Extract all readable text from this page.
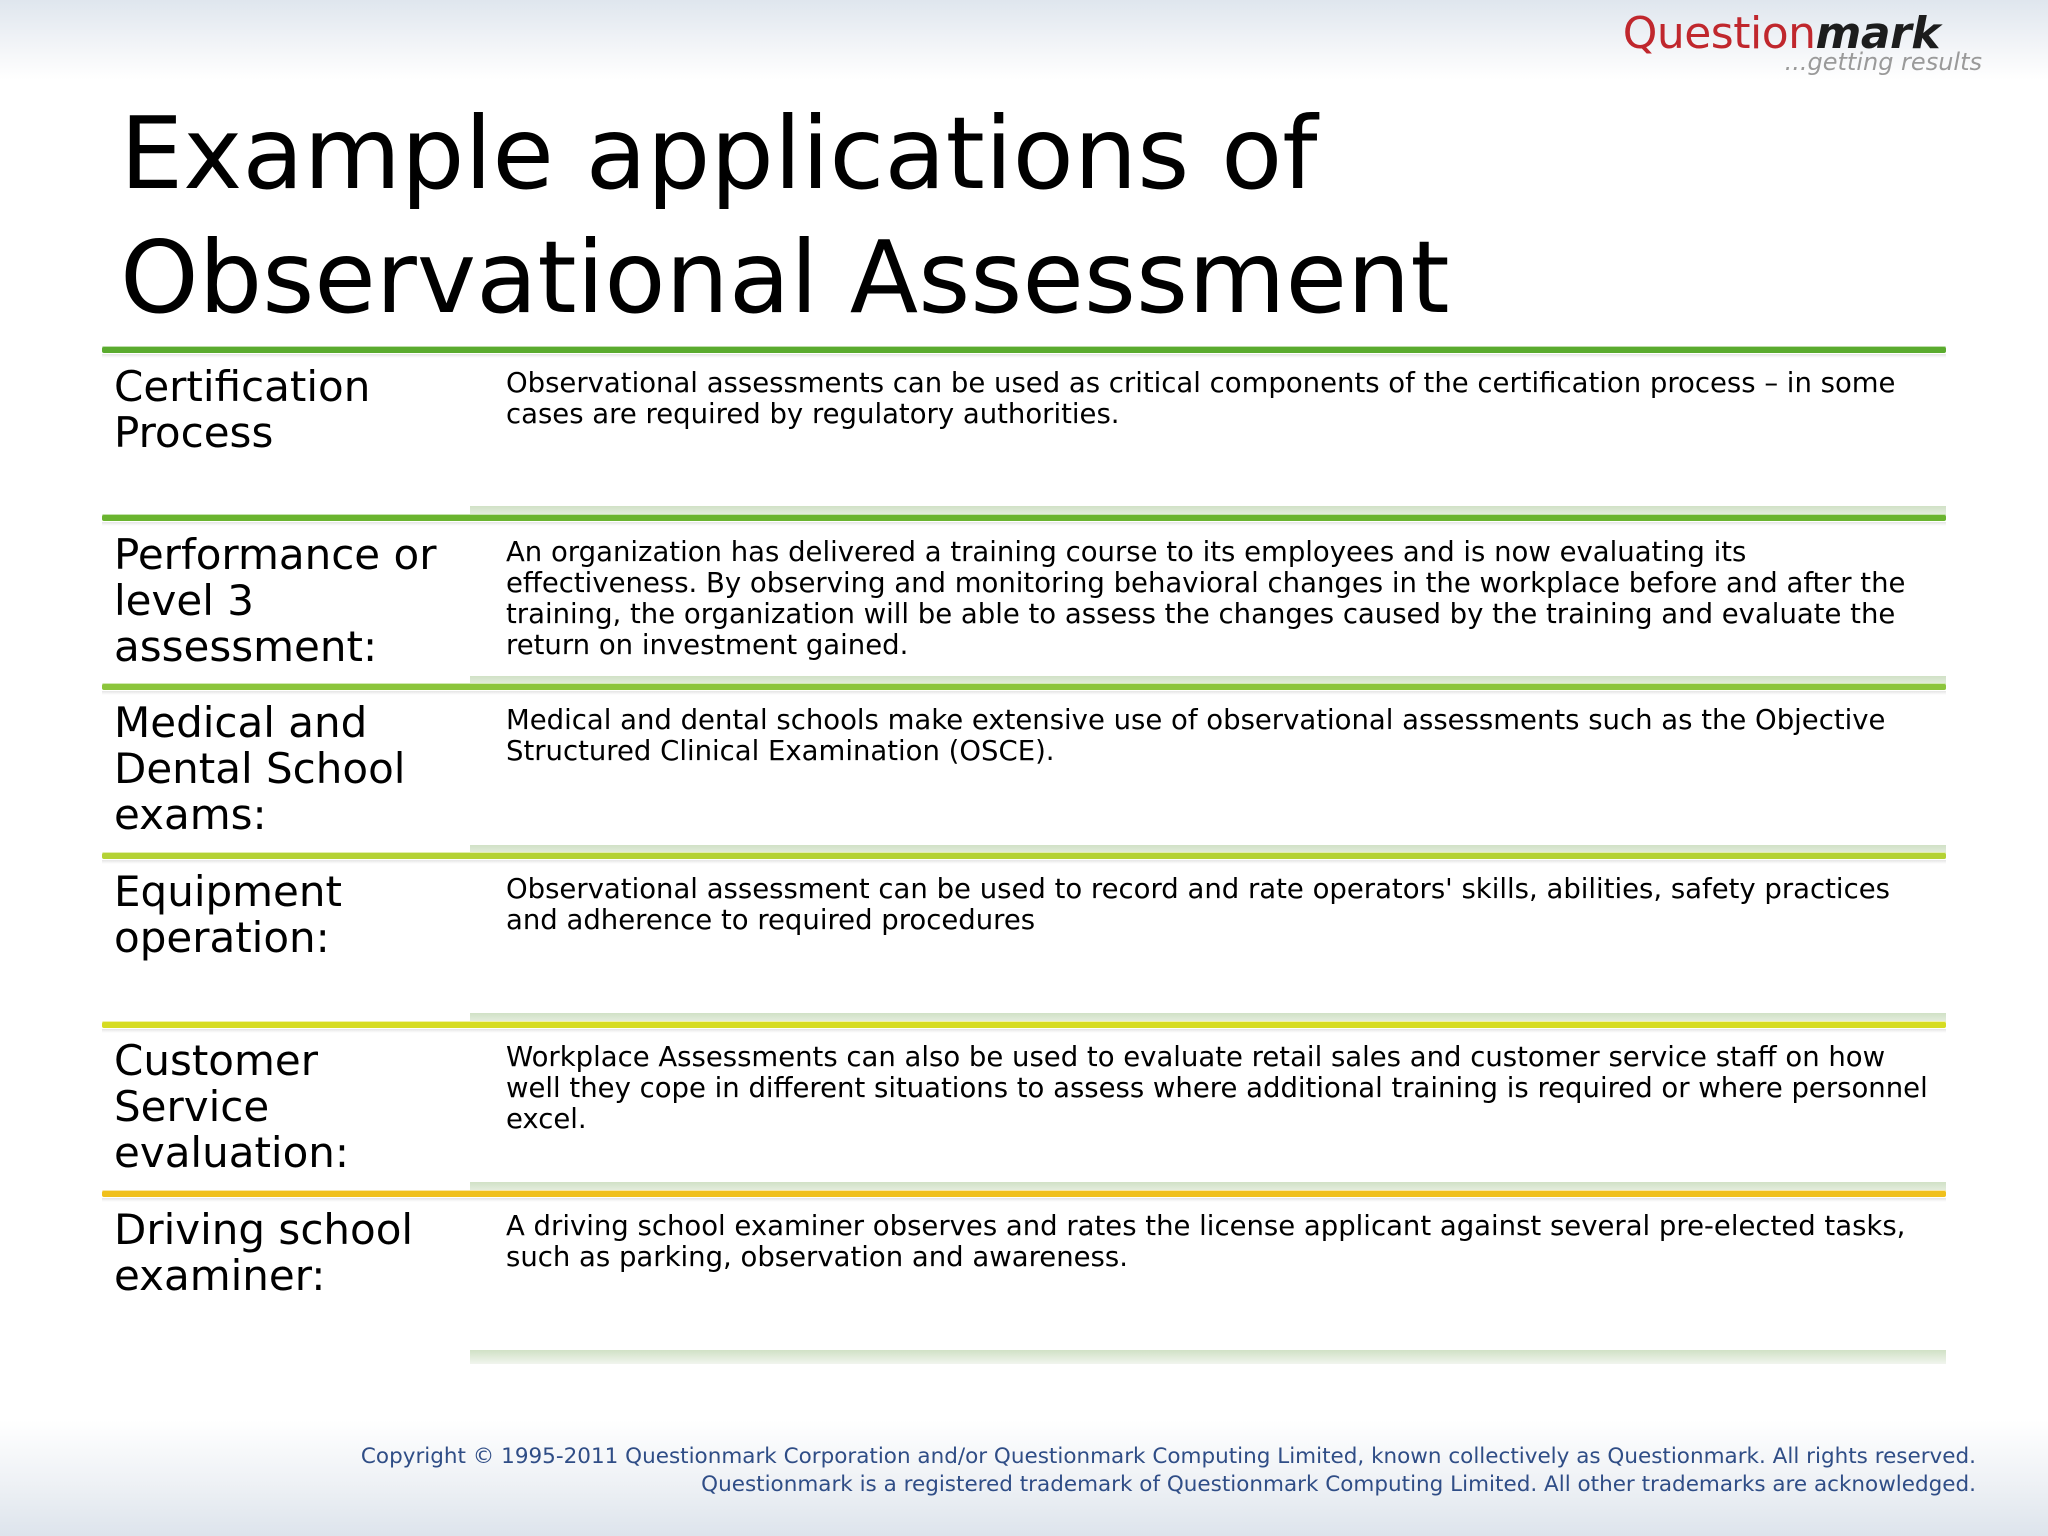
Questionmark
...getting results
Example applications of Observational Assessment
Certification Process
Observational assessments can be used as critical components of the certification process – in some cases are required by regulatory authorities.
Performance or level 3 assessment:
An organization has delivered a training course to its employees and is now evaluating its effectiveness. By observing and monitoring behavioral changes in the workplace before and after the training, the organization will be able to assess the changes caused by the training and evaluate the return on investment gained.
Medical and Dental School exams:
Medical and dental schools make extensive use of observational assessments such as the Objective Structured Clinical Examination (OSCE).
Equipment operation:
Observational assessment can be used to record and rate operators' skills, abilities, safety practices and adherence to required procedures
Customer Service evaluation:
Workplace Assessments can also be used to evaluate retail sales and customer service staff on how well they cope in different situations to assess where additional training is required or where personnel excel.
Driving school examiner:
A driving school examiner observes and rates the license applicant against several pre-elected tasks, such as parking, observation and awareness.
Copyright © 1995-2011 Questionmark Corporation and/or Questionmark Computing Limited, known collectively as Questionmark. All rights reserved.
Questionmark is a registered trademark of Questionmark Computing Limited. All other trademarks are acknowledged.
